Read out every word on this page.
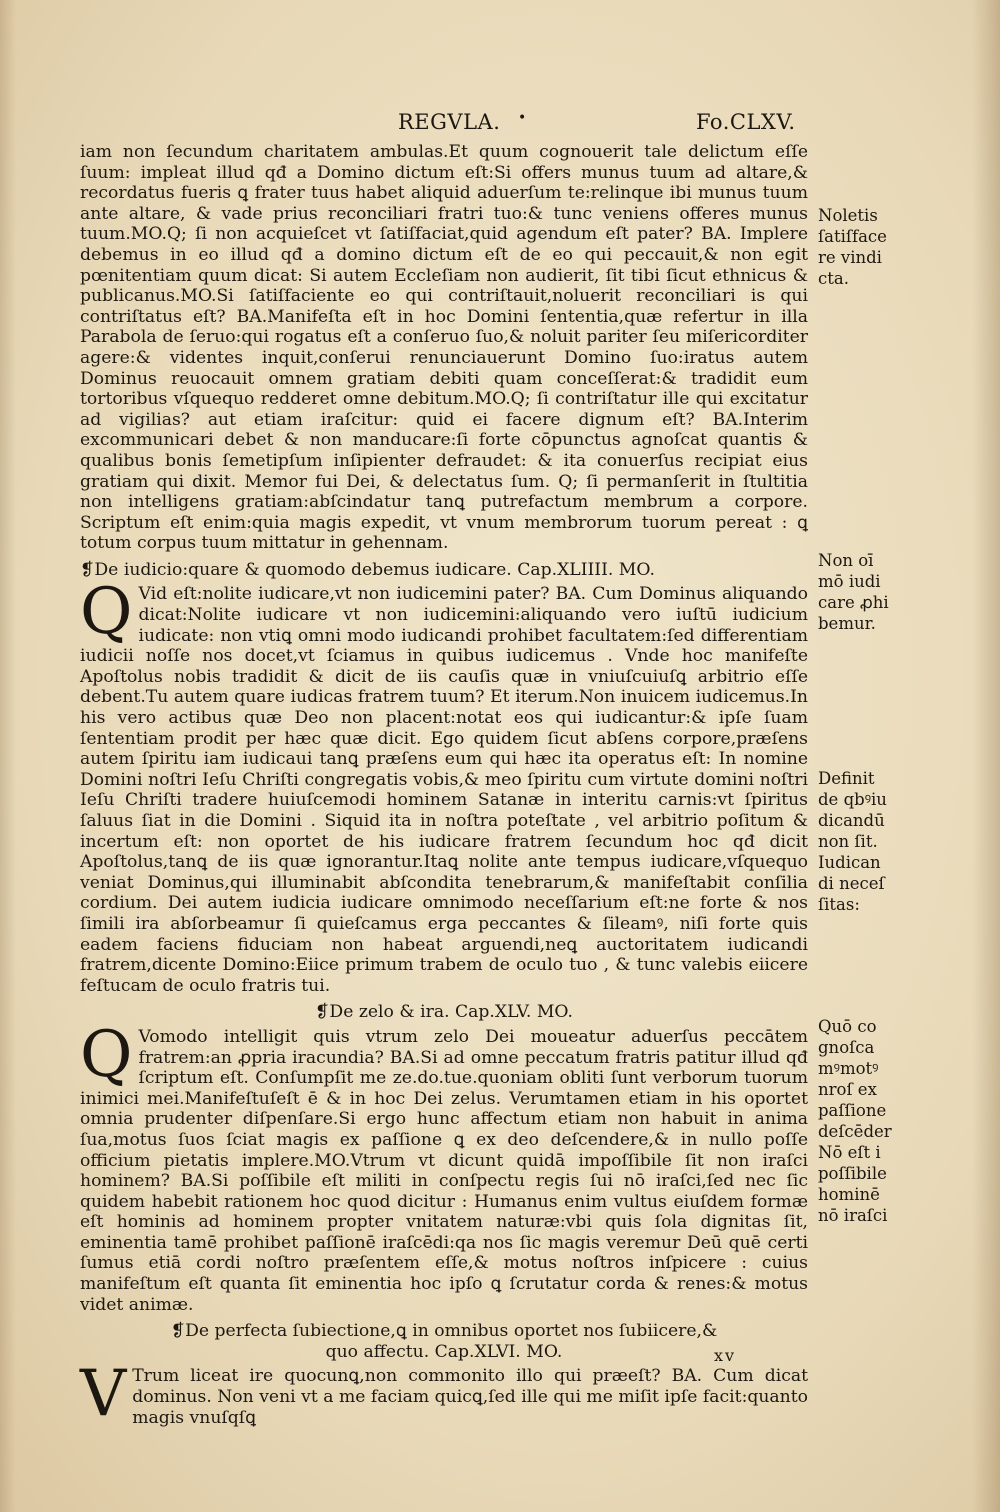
REGVLA. •	Fo.CLXV.

iam non ſecundum charitatem ambulas.Et quum cognouerit tale delictum eſſe ſuum: impleat illud qđ a Domino dictum eſt:Si offers munus tuum ad altare,& recordatus fueris ꝗ frater tuus habet aliquid aduerſum te:relinque ibi munus tuum ante altare, & vade prius reconciliari fratri tuo:& tunc veniens offeres munus tuum.MO.Q; ſi non acquieſcet vt ſatiſfaciat,quid agendum eſt pater? BA. Implere debemus in eo illud qđ a domino dictum eſt de eo qui peccauit,& non egit pœnitentiam quum dicat: Si autem Eccleſiam non audierit, ſit tibi ſicut ethnicus & publicanus.MO.Si ſatiſfaciente eo qui contriſtauit,noluerit reconciliari is qui contriſtatus eſt? BA.Manifeſta eſt in hoc Domini ſententia,quæ refertur in illa Parabola de ſeruo:qui rogatus eſt a conſeruo ſuo,& noluit pariter ſeu miſericorditer agere:& videntes inquit,conſerui renunciauerunt Domino ſuo:iratus autem Dominus reuocauit omnem gratiam debiti quam conceſſerat:& tradidit eum tortoribus vſquequo redderet omne debitum.MO.Q; ſi contriſtatur ille qui excitatur ad vigilias? aut etiam iraſcitur: quid ei facere dignum eſt? BA.Interim excommunicari debet & non manducare:ſi forte cōpunctus agnoſcat quantis & qualibus bonis ſemetipſum inſipienter defraudet: & ita conuerſus recipiat eius gratiam qui dixit. Memor fui Dei, & delectatus ſum. Q; ſi permanſerit in ſtultitia non intelligens gratiam:abſcindatur tanꝗ putrefactum membrum a corpore. Scriptum eſt enim:quia magis expedit, vt vnum membrorum tuorum pereat : ꝗ totum corpus tuum mittatur in gehennam.

❡De iudicio:quare & quomodo debemus iudicare. Cap.XLIIII. MO.

Q Vid eſt:nolite iudicare,vt non iudicemini pater? BA. Cum Dominus aliquando dicat:Nolite iudicare vt non iudicemini:aliquando vero iuſtū iudicium iudicate: non vtiꝗ omni modo iudicandi prohibet facultatem:ſed differentiam iudicii noſſe nos docet,vt ſciamus in quibus iudicemus . Vnde hoc manifeſte Apoſtolus nobis tradidit & dicit de iis cauſis quæ in vniuſcuiuſꝗ arbitrio eſſe debent.Tu autem quare iudicas fratrem tuum? Et iterum.Non inuicem iudicemus.In his vero actibus quæ Deo non placent:notat eos qui iudicantur:& ipſe ſuam ſententiam prodit per hæc quæ dicit. Ego quidem ſicut abſens corpore,præſens autem ſpiritu iam iudicaui tanꝗ præſens eum qui hæc ita operatus eſt: In nomine Domini noſtri Ieſu Chriſti congregatis vobis,& meo ſpiritu cum virtute domini noſtri Ieſu Chriſti tradere huiuſcemodi hominem Satanæ in interitu carnis:vt ſpiritus ſaluus ſiat in die Domini . Siquid ita in noſtra poteſtate , vel arbitrio poſitum & incertum eſt: non oportet de his iudicare fratrem ſecundum hoc qđ dicit Apoſtolus,tanꝗ de iis quæ ignorantur.Itaꝗ nolite ante tempus iudicare,vſquequo veniat Dominus,qui illuminabit abſcondita tenebrarum,& manifeſtabit conſilia cordium. Dei autem iudicia iudicare omnimodo neceſſarium eſt:ne forte & nos ſimili ira abſorbeamur ſi quieſcamus erga peccantes & ſileamꝰ, niſi forte quis eadem faciens fiduciam non habeat arguendi,neꝗ auctoritatem iudicandi fratrem,dicente Domino:Eiice primum trabem de oculo tuo , & tunc valebis eiicere feſtucam de oculo fratris tui.

❡De zelo & ira. Cap.XLV. MO.

Q Vomodo intelligit quis vtrum zelo Dei moueatur aduerſus peccātem fratrem:an ꝓpria iracundia? BA.Si ad omne peccatum fratris patitur illud qđ ſcriptum eſt. Conſumpſit me ze.do.tue.quoniam obliti ſunt verborum tuorum inimici mei.Manifeſtuſeſt ē & in hoc Dei zelus. Verumtamen etiam in his oportet omnia prudenter diſpenſare.Si ergo hunc affectum etiam non habuit in anima ſua,motus ſuos ſciat magis ex paſſione ꝗ ex deo deſcendere,& in nullo poſſe officium pietatis implere.MO.Vtrum vt dicunt quidā impoſſibile ſit non iraſci hominem? BA.Si poſſibile eſt militi in conſpectu regis ſui nō iraſci,ſed nec ſic quidem habebit rationem hoc quod dicitur : Humanus enim vultus eiuſdem formæ eſt hominis ad hominem propter vnitatem naturæ:vbi quis ſola dignitas ſit, eminentia tamē prohibet paſſionē iraſcēdi:qa nos ſic magis veremur Deū quē certi ſumus etiā cordi noſtro præſentem eſſe,& motus noſtros inſpicere : cuius manifeſtum eſt quanta ſit eminentia hoc ipſo ꝗ ſcrutatur corda & renes:& motus videt animæ.

❡De perfecta ſubiectione,ꝗ in omnibus oportet nos ſubiicere,&

quo affectu. Cap.XLVI. MO.

V Trum liceat ire quocunꝗ,non commonito illo qui præeſt? BA. Cum dicat dominus. Non veni vt a me faciam quicꝗ,ſed ille qui me miſit ipſe facit:quanto magis vnuſqſꝗ

Noletis
ſatiſface
re vindi
cta.
Non oī
mō iudi
care ꝓhi
bemur.
Definit
de qbꝰiu
dicandū
non ſit.
Iudican
di neceſ
ſitas:
Quō co
gnoſca
mꝰmotꝰ
nroſ ex
paſſione
deſcēder
Nō eſt i
poſſibile
hominē
nō iraſci
xv
